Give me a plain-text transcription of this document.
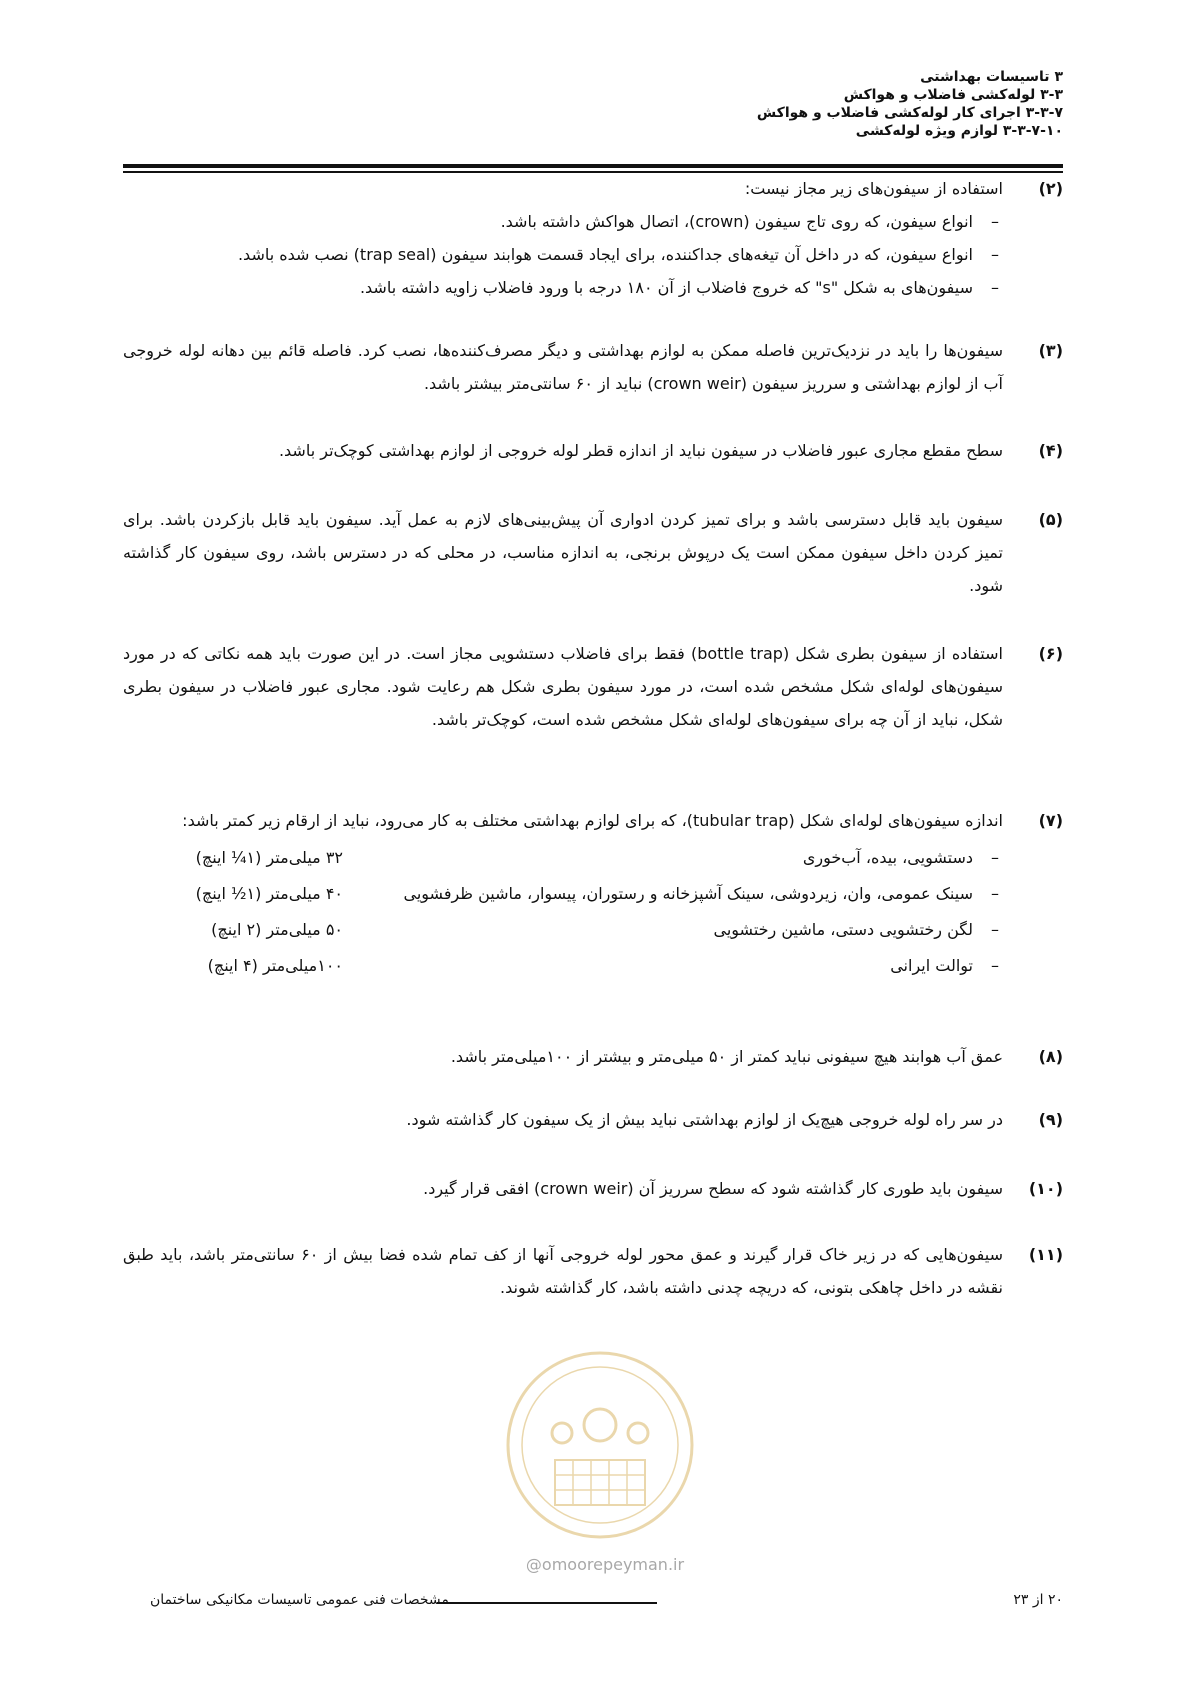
۳ تاسیسات بهداشتی
۳-۳ لوله‌کشی فاضلاب و هواکش
۳-۳-۷ اجرای کار لوله‌کشی فاضلاب و هواکش
۳-۳-۷-۱۰ لوازم ویژه لوله‌کشی
(۲)
استفاده از سیفون‌های زیر مجاز نیست:
– انواع سیفون، که روی تاج سیفون (crown)، اتصال هواکش داشته باشد.
– انواع سیفون، که در داخل آن تیغه‌های جداکننده، برای ایجاد قسمت هوابند سیفون (trap seal) نصب شده باشد.
– سیفون‌های به شکل "s" که خروج فاضلاب از آن ۱۸۰ درجه با ورود فاضلاب زاویه داشته باشد.
(۳)
سیفون‌ها را باید در نزدیک‌ترین فاصله ممکن به لوازم بهداشتی و دیگر مصرف‌کننده‌ها، نصب کرد. فاصله قائم بین دهانه لوله خروجی آب از لوازم بهداشتی و سرریز سیفون (crown weir) نباید از ۶۰ سانتی‌متر بیشتر باشد.
(۴)
سطح مقطع مجاری عبور فاضلاب در سیفون نباید از اندازه قطر لوله خروجی از لوازم بهداشتی کوچک‌تر باشد.
(۵)
سیفون باید قابل دسترسی باشد و برای تمیز کردن ادواری آن پیش‌بینی‌های لازم به عمل آید. سیفون باید قابل بازکردن باشد. برای تمیز کردن داخل سیفون ممکن است یک درپوش برنجی، به اندازه مناسب، در محلی که در دسترس باشد، روی سیفون کار گذاشته شود.
(۶)
استفاده از سیفون بطری شکل (bottle trap) فقط برای فاضلاب دستشویی مجاز است. در این صورت باید همه نکاتی که در مورد سیفون‌های لوله‌ای شکل مشخص شده است، در مورد سیفون بطری شکل هم رعایت شود. مجاری عبور فاضلاب در سیفون بطری شکل، نباید از آن چه برای سیفون‌های لوله‌ای شکل مشخص شده است، کوچک‌تر باشد.
(۷)
اندازه سیفون‌های لوله‌ای شکل (tubular trap)، که برای لوازم بهداشتی مختلف به کار می‌رود، نباید از ارقام زیر کمتر باشد:
– دستشویی، بیده، آب‌خوری
۳۲ میلی‌متر (۱¼ اینچ)
– سینک عمومی، وان، زیردوشی، سینک آشپزخانه و رستوران، پیسوار، ماشین ظرفشویی
۴۰ میلی‌متر (۱½ اینچ)
– لگن رختشویی دستی، ماشین رختشویی
۵۰ میلی‌متر (۲ اینچ)
– توالت ایرانی
۱۰۰میلی‌متر (۴ اینچ)
(۸)
عمق آب هوابند هیچ سیفونی نباید کمتر از ۵۰ میلی‌متر و بیشتر از ۱۰۰میلی‌متر باشد.
(۹)
در سر راه لوله خروجی هیچ‌یک از لوازم بهداشتی نباید بیش از یک سیفون کار گذاشته شود.
(۱۰)
سیفون باید طوری کار گذاشته شود که سطح سرریز آن (crown weir) افقی قرار گیرد.
(۱۱)
سیفون‌هایی که در زیر خاک قرار گیرند و عمق محور لوله خروجی آنها از کف تمام شده فضا بیش از ۶۰ سانتی‌متر باشد، باید طبق نقشه در داخل چاهکی بتونی، که دریچه چدنی داشته باشد، کار گذاشته شوند.
@omoorepeyman.ir
۲۰ از ۲۳
مشخصات فنی عمومی تاسیسات مکانیکی ساختمان
